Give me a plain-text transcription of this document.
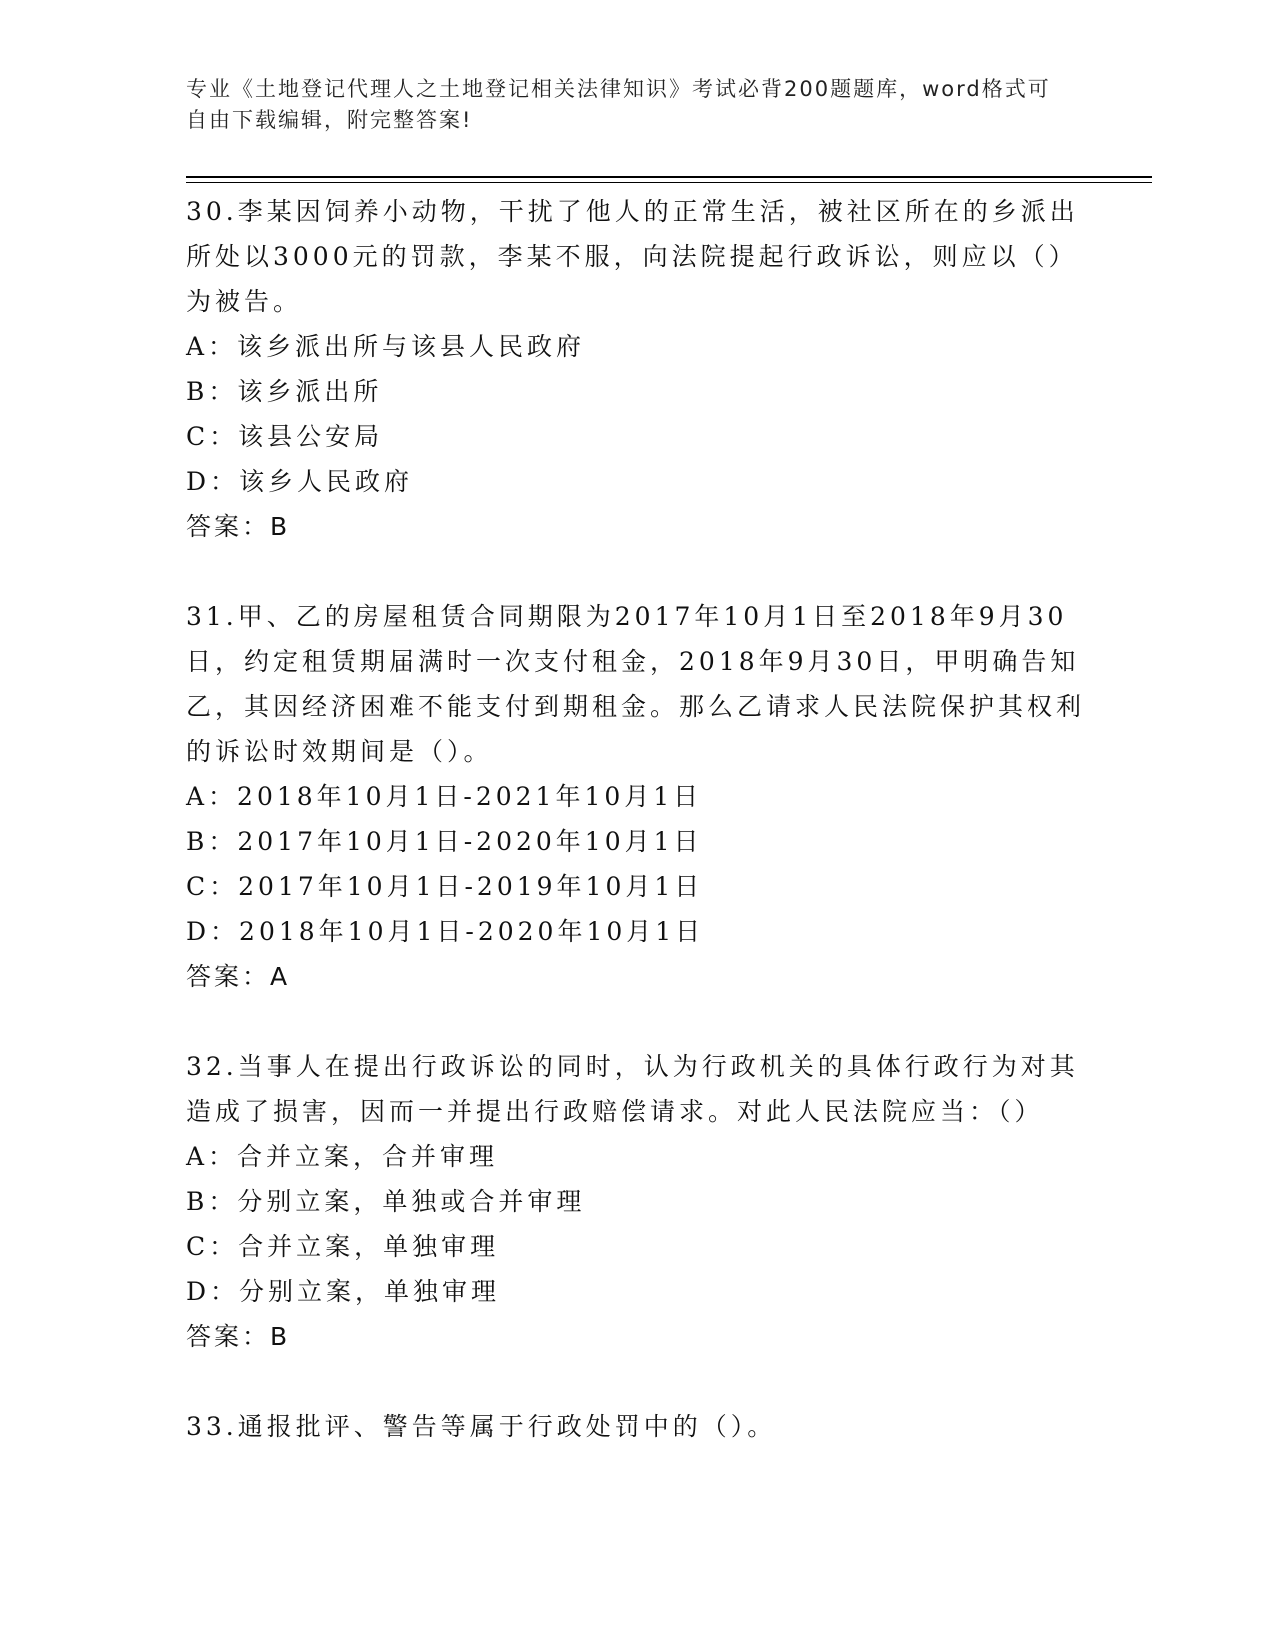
专业《土地登记代理人之土地登记相关法律知识》考试必背200题题库，word格式可自由下载编辑，附完整答案!

30.李某因饲养小动物，干扰了他人的正常生活，被社区所在的乡派出所处以3000元的罚款，李某不服，向法院提起行政诉讼，则应以（）为被告。

A：该乡派出所与该县人民政府

B：该乡派出所

C：该县公安局

D：该乡人民政府

答案：B

31.甲、乙的房屋租赁合同期限为2017年10月1日至2018年9月30日，约定租赁期届满时一次支付租金，2018年9月30日，甲明确告知乙，其因经济困难不能支付到期租金。那么乙请求人民法院保护其权利的诉讼时效期间是（）。

A：2018年10月1日-2021年10月1日

B：2017年10月1日-2020年10月1日

C：2017年10月1日-2019年10月1日

D：2018年10月1日-2020年10月1日

答案：A

32.当事人在提出行政诉讼的同时，认为行政机关的具体行政行为对其造成了损害，因而一并提出行政赔偿请求。对此人民法院应当：（）

A：合并立案，合并审理

B：分别立案，单独或合并审理

C：合并立案，单独审理

D：分别立案，单独审理

答案：B

33.通报批评、警告等属于行政处罚中的（）。
